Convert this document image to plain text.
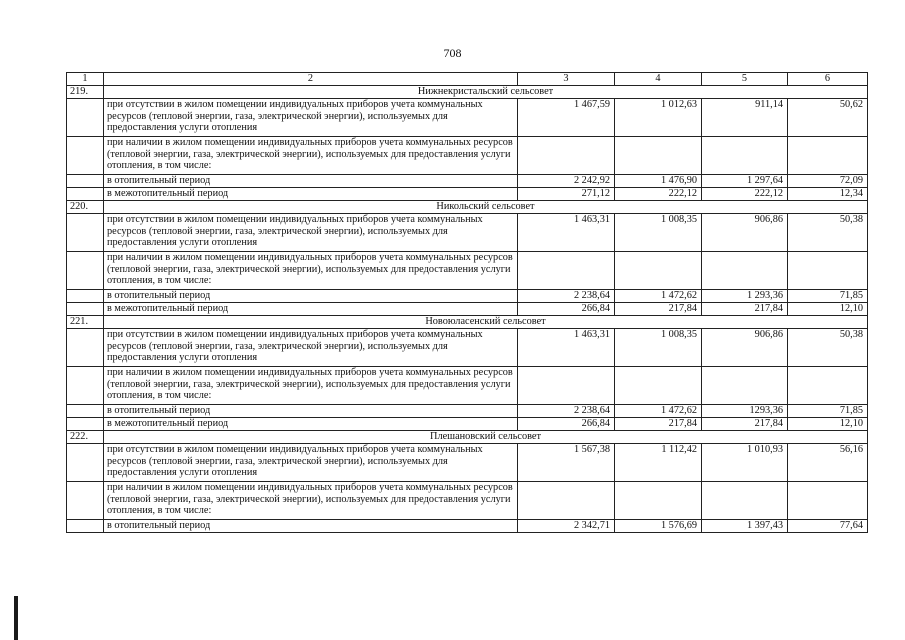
708
1	2	3	4	5	6
219.	Нижнекристальский сельсовет				
	при отсутствии в жилом помещении индивидуальных приборов учета коммунальных ресурсов (тепловой энергии, газа, электрической энергии), используемых для предоставления услуги отопления	1 467,59	1 012,63	911,14	50,62
	при наличии в жилом помещении индивидуальных приборов учета коммунальных ресурсов (тепловой энергии, газа, электрической энергии), используемых для предоставления услуги отопления, в том числе:				
	в отопительный период	2 242,92	1 476,90	1 297,64	72,09
	в межотопительный период	271,12	222,12	222,12	12,34
220.	Никольский сельсовет				
	при отсутствии в жилом помещении индивидуальных приборов учета коммунальных ресурсов (тепловой энергии, газа, электрической энергии), используемых для предоставления услуги отопления	1 463,31	1 008,35	906,86	50,38
	при наличии в жилом помещении индивидуальных приборов учета коммунальных ресурсов (тепловой энергии, газа, электрической энергии), используемых для предоставления услуги отопления, в том числе:				
	в отопительный период	2 238,64	1 472,62	1 293,36	71,85
	в межотопительный период	266,84	217,84	217,84	12,10
221.	Новоюласенский сельсовет				
	при отсутствии в жилом помещении индивидуальных приборов учета коммунальных ресурсов (тепловой энергии, газа, электрической энергии), используемых для предоставления услуги отопления	1 463,31	1 008,35	906,86	50,38
	при наличии в жилом помещении индивидуальных приборов учета коммунальных ресурсов (тепловой энергии, газа, электрической энергии), используемых для предоставления услуги отопления, в том числе:				
	в отопительный период	2 238,64	1 472,62	1293,36	71,85
	в межотопительный период	266,84	217,84	217,84	12,10
222.	Плешановский сельсовет				
	при отсутствии в жилом помещении индивидуальных приборов учета коммунальных ресурсов (тепловой энергии, газа, электрической энергии), используемых для предоставления услуги отопления	1 567,38	1 112,42	1 010,93	56,16
	при наличии в жилом помещении индивидуальных приборов учета коммунальных ресурсов (тепловой энергии, газа, электрической энергии), используемых для предоставления услуги отопления, в том числе:				
	в отопительный период	2 342,71	1 576,69	1 397,43	77,64
